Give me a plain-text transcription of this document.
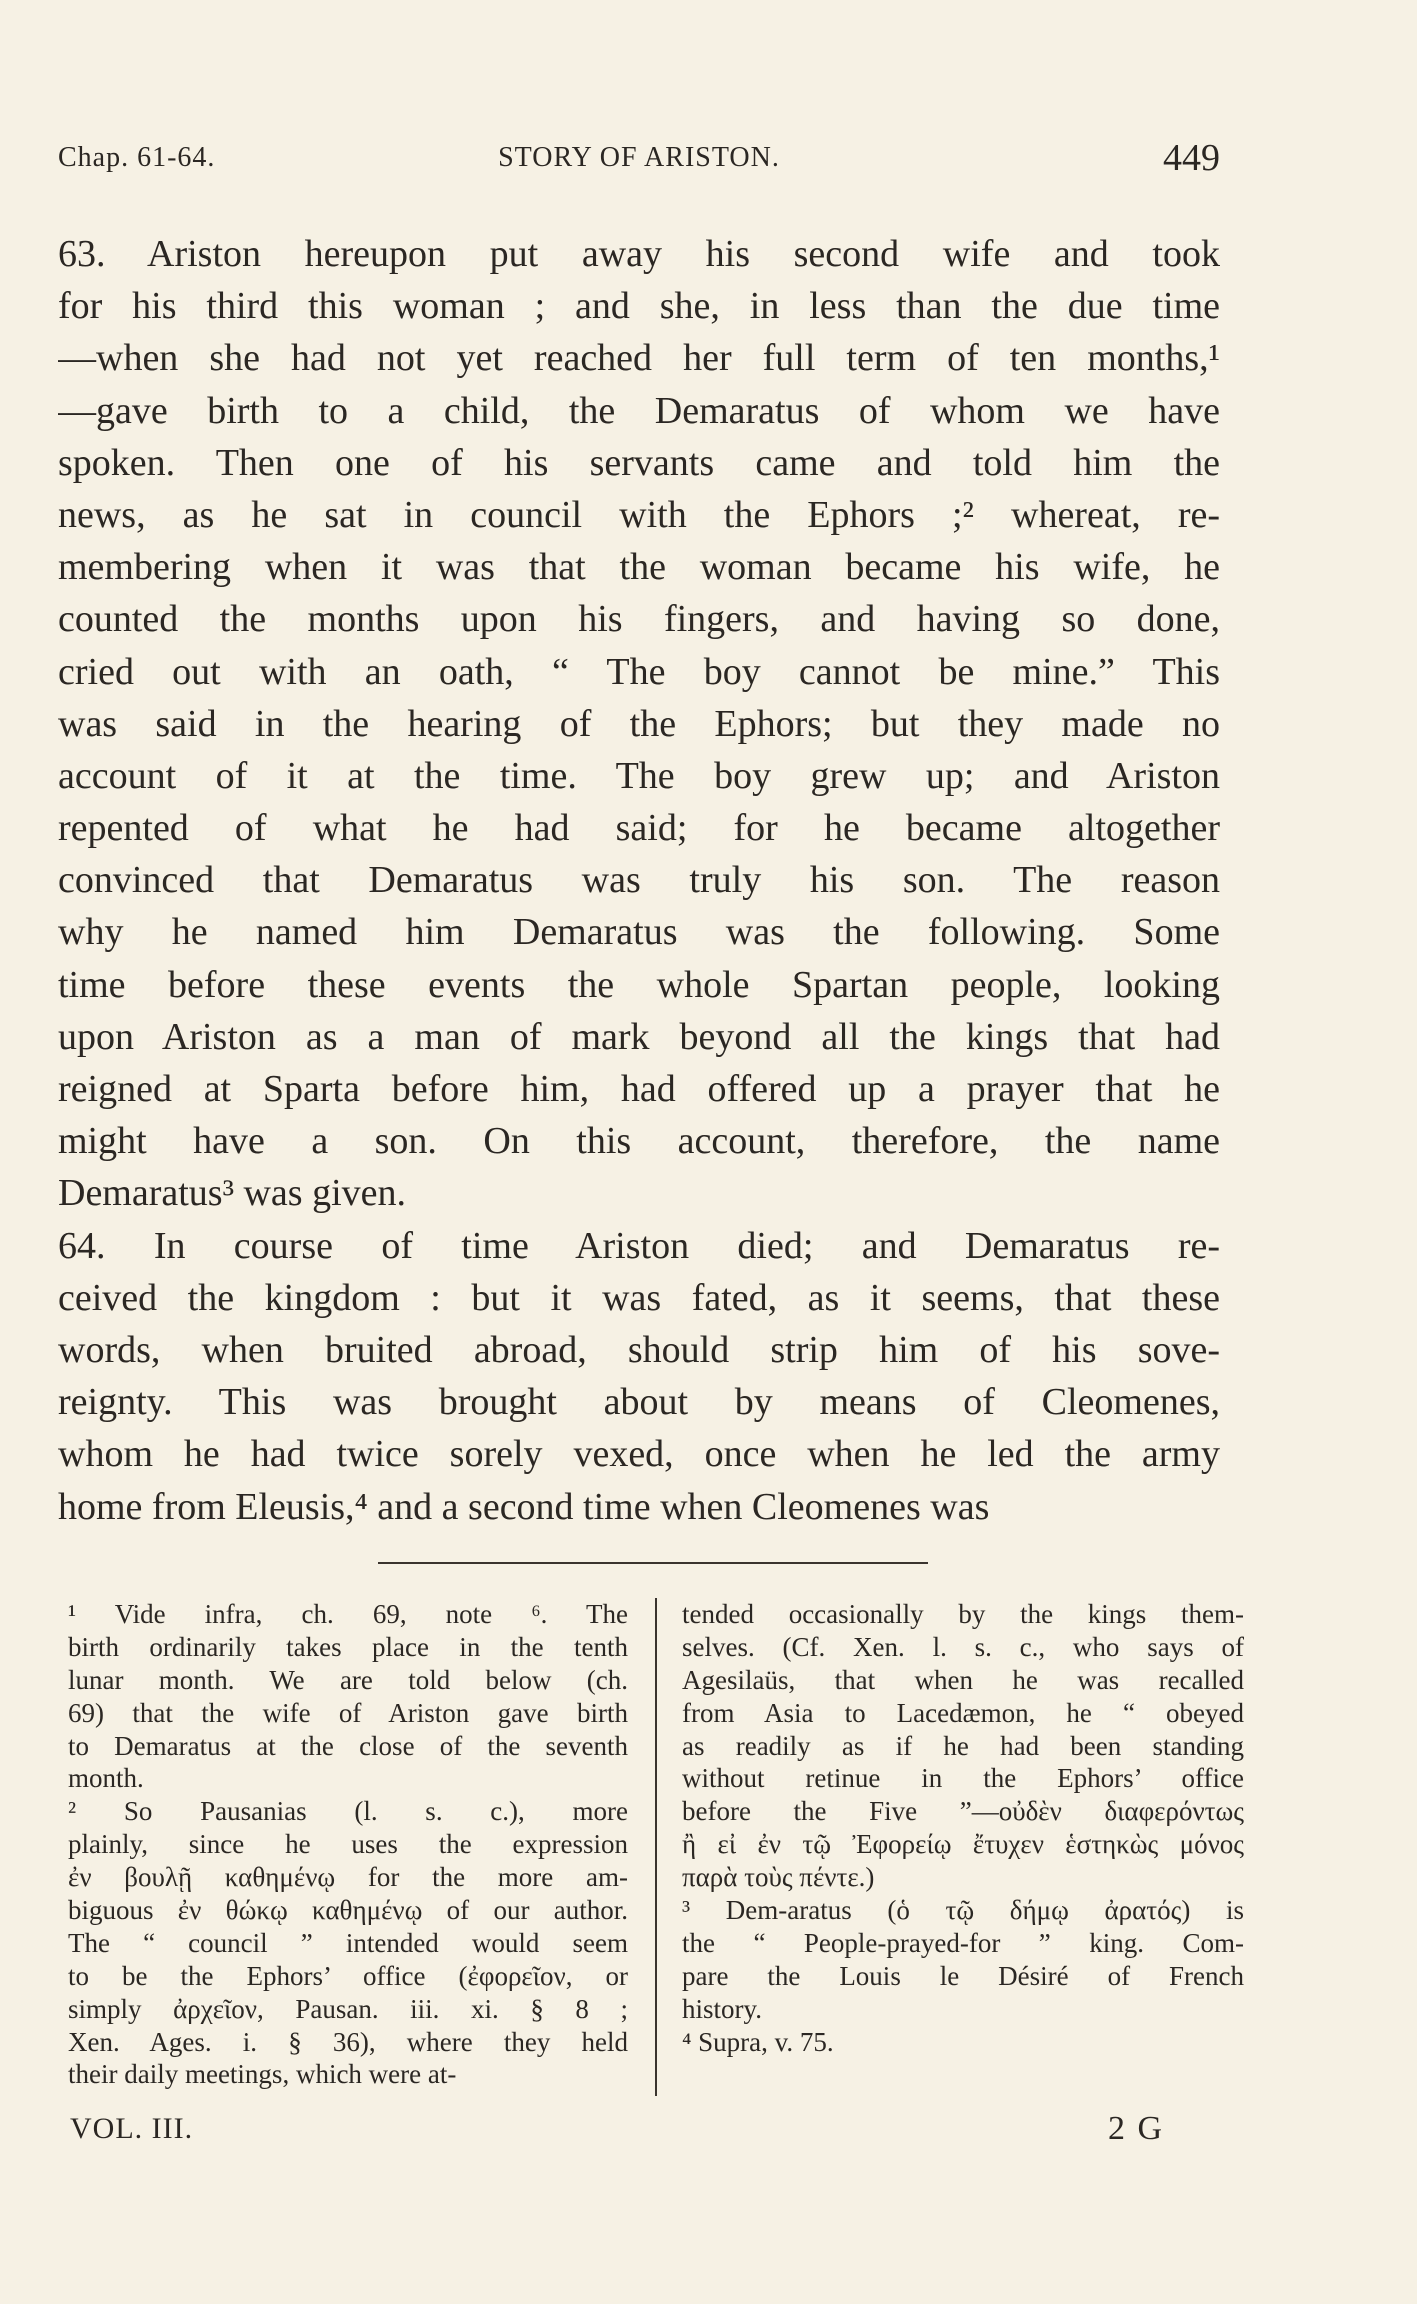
Chap. 61-64.	STORY OF ARISTON.	449
63. Ariston hereupon put away his second wife and took
for his third this woman ; and she, in less than the due time
—when she had not yet reached her full term of ten months,¹
—gave birth to a child, the Demaratus of whom we have
spoken. Then one of his servants came and told him the
news, as he sat in council with the Ephors ;² whereat, re-
membering when it was that the woman became his wife, he
counted the months upon his fingers, and having so done,
cried out with an oath, “ The boy cannot be mine.” This
was said in the hearing of the Ephors; but they made no
account of it at the time. The boy grew up; and Ariston
repented of what he had said; for he became altogether
convinced that Demaratus was truly his son. The reason
why he named him Demaratus was the following. Some
time before these events the whole Spartan people, looking
upon Ariston as a man of mark beyond all the kings that had
reigned at Sparta before him, had offered up a prayer that he
might have a son. On this account, therefore, the name
Demaratus³ was given.
64. In course of time Ariston died; and Demaratus re-
ceived the kingdom : but it was fated, as it seems, that these
words, when bruited abroad, should strip him of his sove-
reignty. This was brought about by means of Cleomenes,
whom he had twice sorely vexed, once when he led the army
home from Eleusis,⁴ and a second time when Cleomenes was
¹ Vide infra, ch. 69, note ⁶. The
birth ordinarily takes place in the tenth
lunar month. We are told below (ch.
69) that the wife of Ariston gave birth
to Demaratus at the close of the seventh
month.
² So Pausanias (l. s. c.), more
plainly, since he uses the expression
ἐν βουλῇ καθημένῳ for the more am-
biguous ἐν θώκῳ καθημένῳ of our author.
The “ council ” intended would seem
to be the Ephors’ office (ἐφορεῖον, or
simply ἀρχεῖον, Pausan. iii. xi. § 8 ;
Xen. Ages. i. § 36), where they held
their daily meetings, which were at-
tended occasionally by the kings them-
selves. (Cf. Xen. l. s. c., who says of
Agesilaüs, that when he was recalled
from Asia to Lacedæmon, he “ obeyed
as readily as if he had been standing
without retinue in the Ephors’ office
before the Five ”—οὐδὲν διαφερόντως
ἢ εἰ ἐν τῷ Ἐφορείῳ ἔτυχεν ἑστηκὼς μόνος
παρὰ τοὺς πέντε.)
³ Dem-aratus (ὁ τῷ δήμῳ ἀρατός) is
the “ People-prayed-for ” king. Com-
pare the Louis le Désiré of French
history.
⁴ Supra, v. 75.
VOL. III.	2 G
